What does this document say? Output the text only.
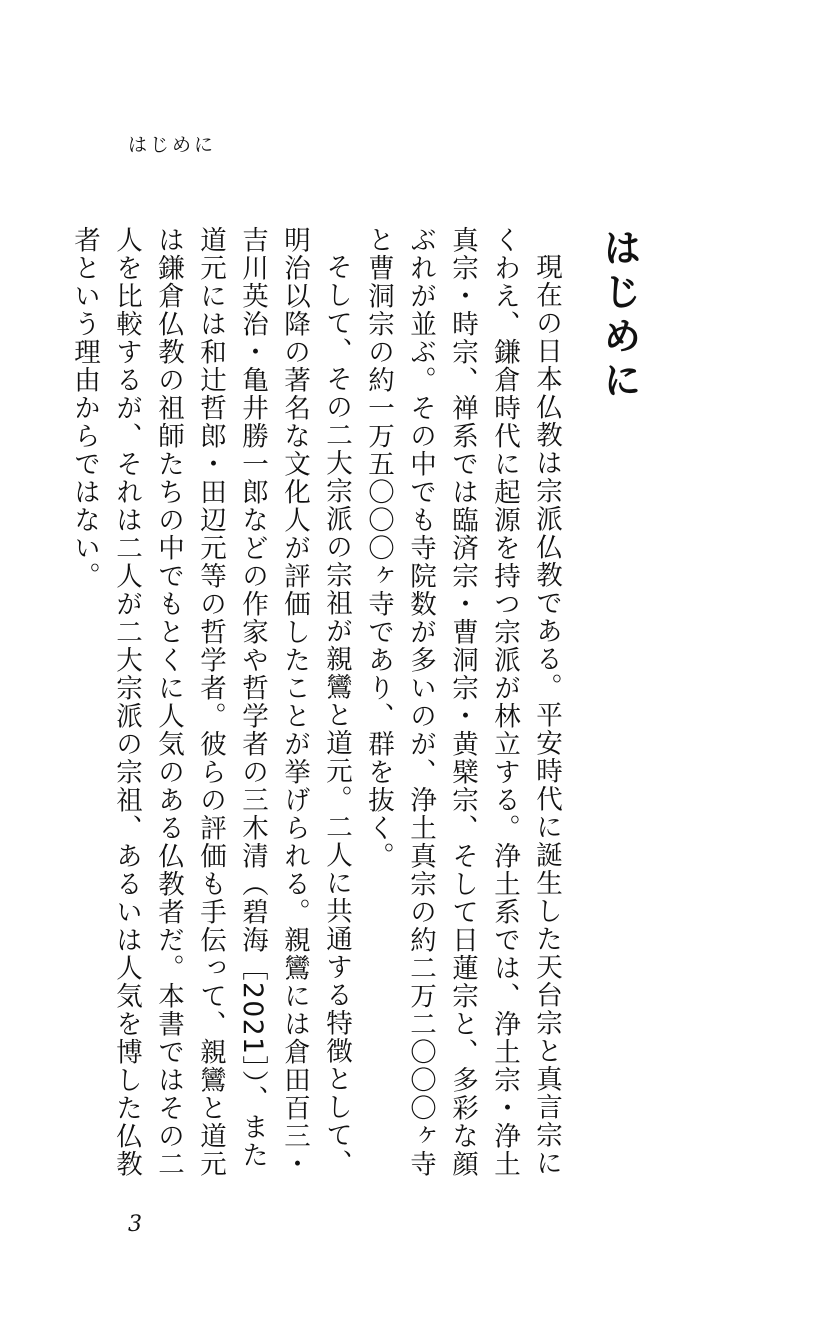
はじめに
はじめに

現在の日本仏教は宗派仏教である。平安時代に誕生した天台宗と真言宗にくわえ、鎌倉時代に起源を持つ宗派が林立する。浄土系では、浄土宗・浄土真宗・時宗、禅系では臨済宗・曹洞宗・黄檗宗、そして日蓮宗と、多彩な顔ぶれが並ぶ。その中でも寺院数が多いのが、浄土真宗の約二万二〇〇〇ヶ寺と曹洞宗の約一万五〇〇〇ヶ寺であり、群を抜く。

そして、その二大宗派の宗祖が親鸞と道元。二人に共通する特徴として、明治以降の著名な文化人が評価したことが挙げられる。親鸞には倉田百三・吉川英治・亀井勝一郎などの作家や哲学者の三木清（碧海［2021］）、また道元には和辻哲郎・田辺元等の哲学者。彼らの評価も手伝って、親鸞と道元は鎌倉仏教の祖師たちの中でもとくに人気のある仏教者だ。本書ではその二人を比較するが、それは二人が二大宗派の宗祖、あるいは人気を博した仏教者という理由からではない。

3
